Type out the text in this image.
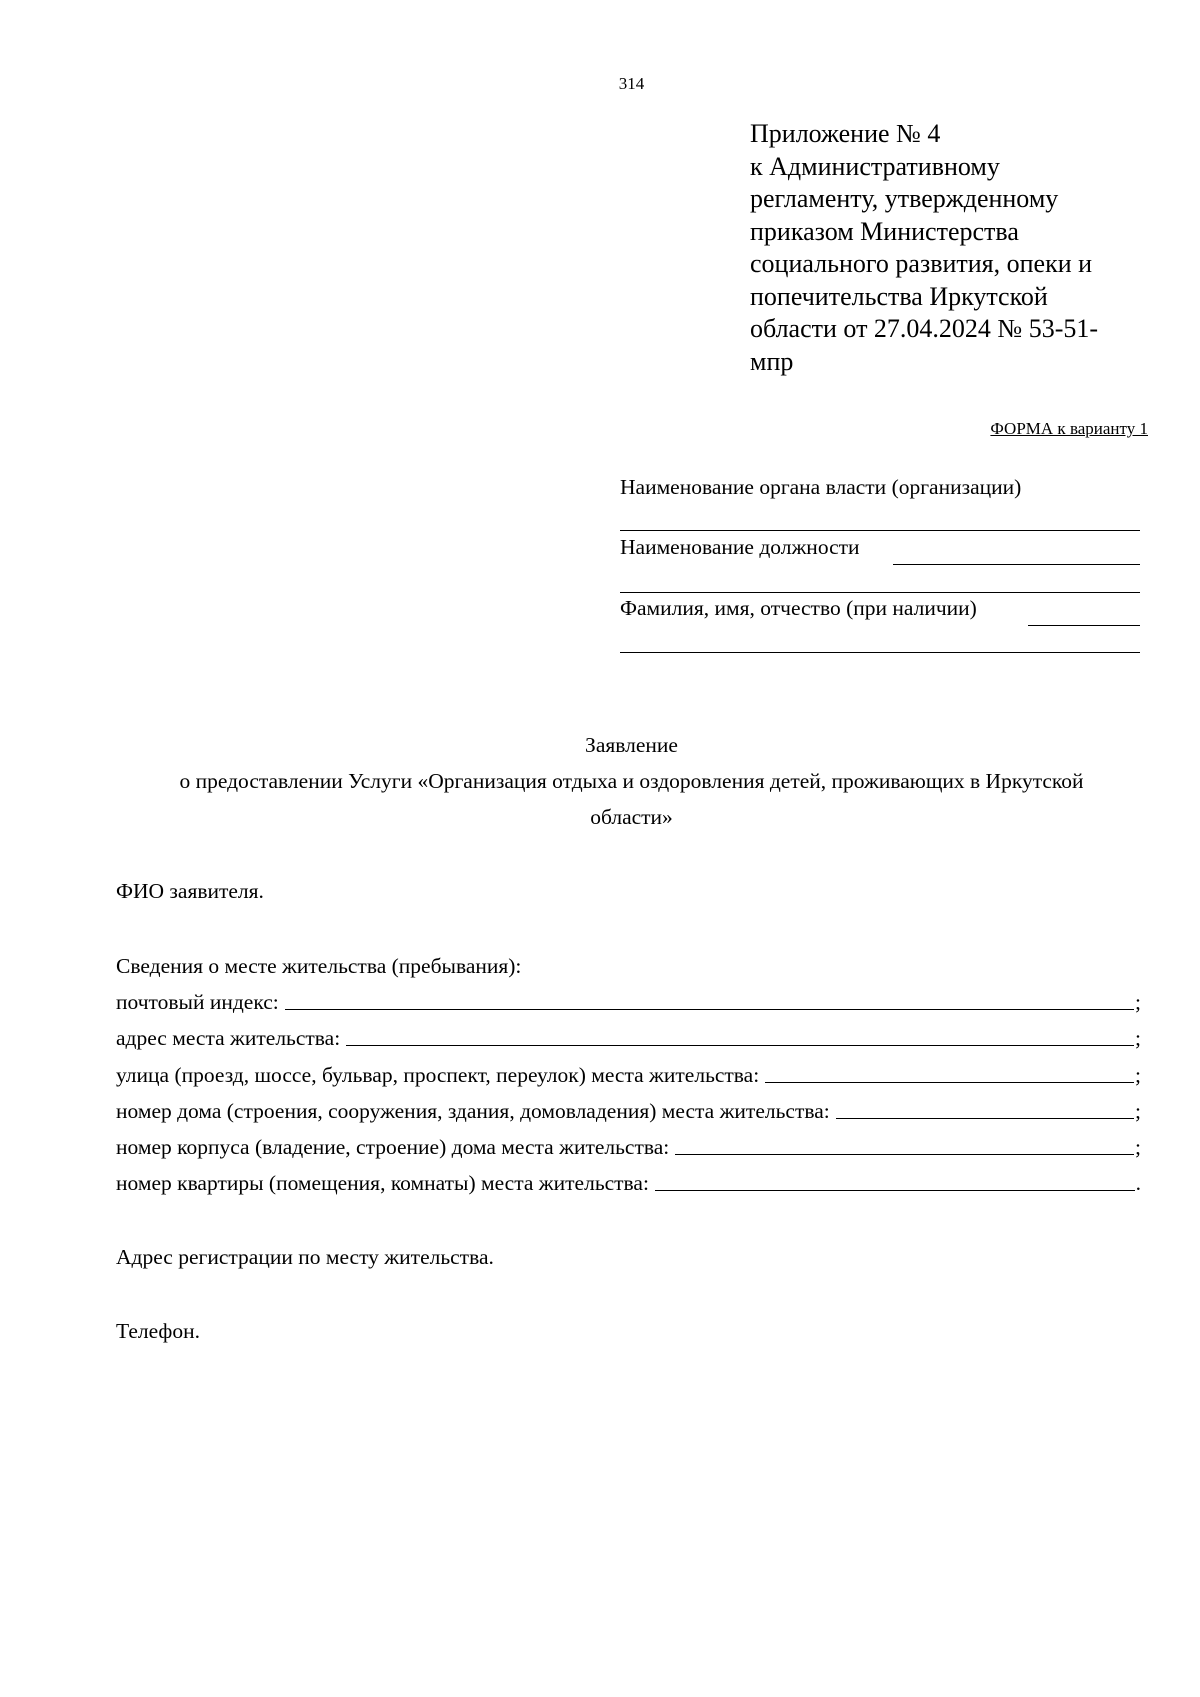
314
Приложение № 4
к Административному
регламенту, утвержденному
приказом Министерства
социального развития, опеки и
попечительства Иркутской
области от 27.04.2024 № 53-51-
мпр
ФОРМА к варианту 1
Наименование органа власти (организации)
Наименование должности
Фамилия, имя, отчество (при наличии)
Заявление
о предоставлении Услуги «Организация отдыха и оздоровления детей, проживающих в Иркутской
области»
ФИО заявителя.
Сведения о месте жительства (пребывания):
почтовый индекс:	;
адрес места жительства:	;
улица (проезд, шоссе, бульвар, проспект, переулок) места жительства:	;
номер дома (строения, сооружения, здания, домовладения) места жительства:	;
номер корпуса (владение, строение) дома места жительства:	;
номер квартиры (помещения, комнаты) места жительства:	.
Адрес регистрации по месту жительства.
Телефон.
